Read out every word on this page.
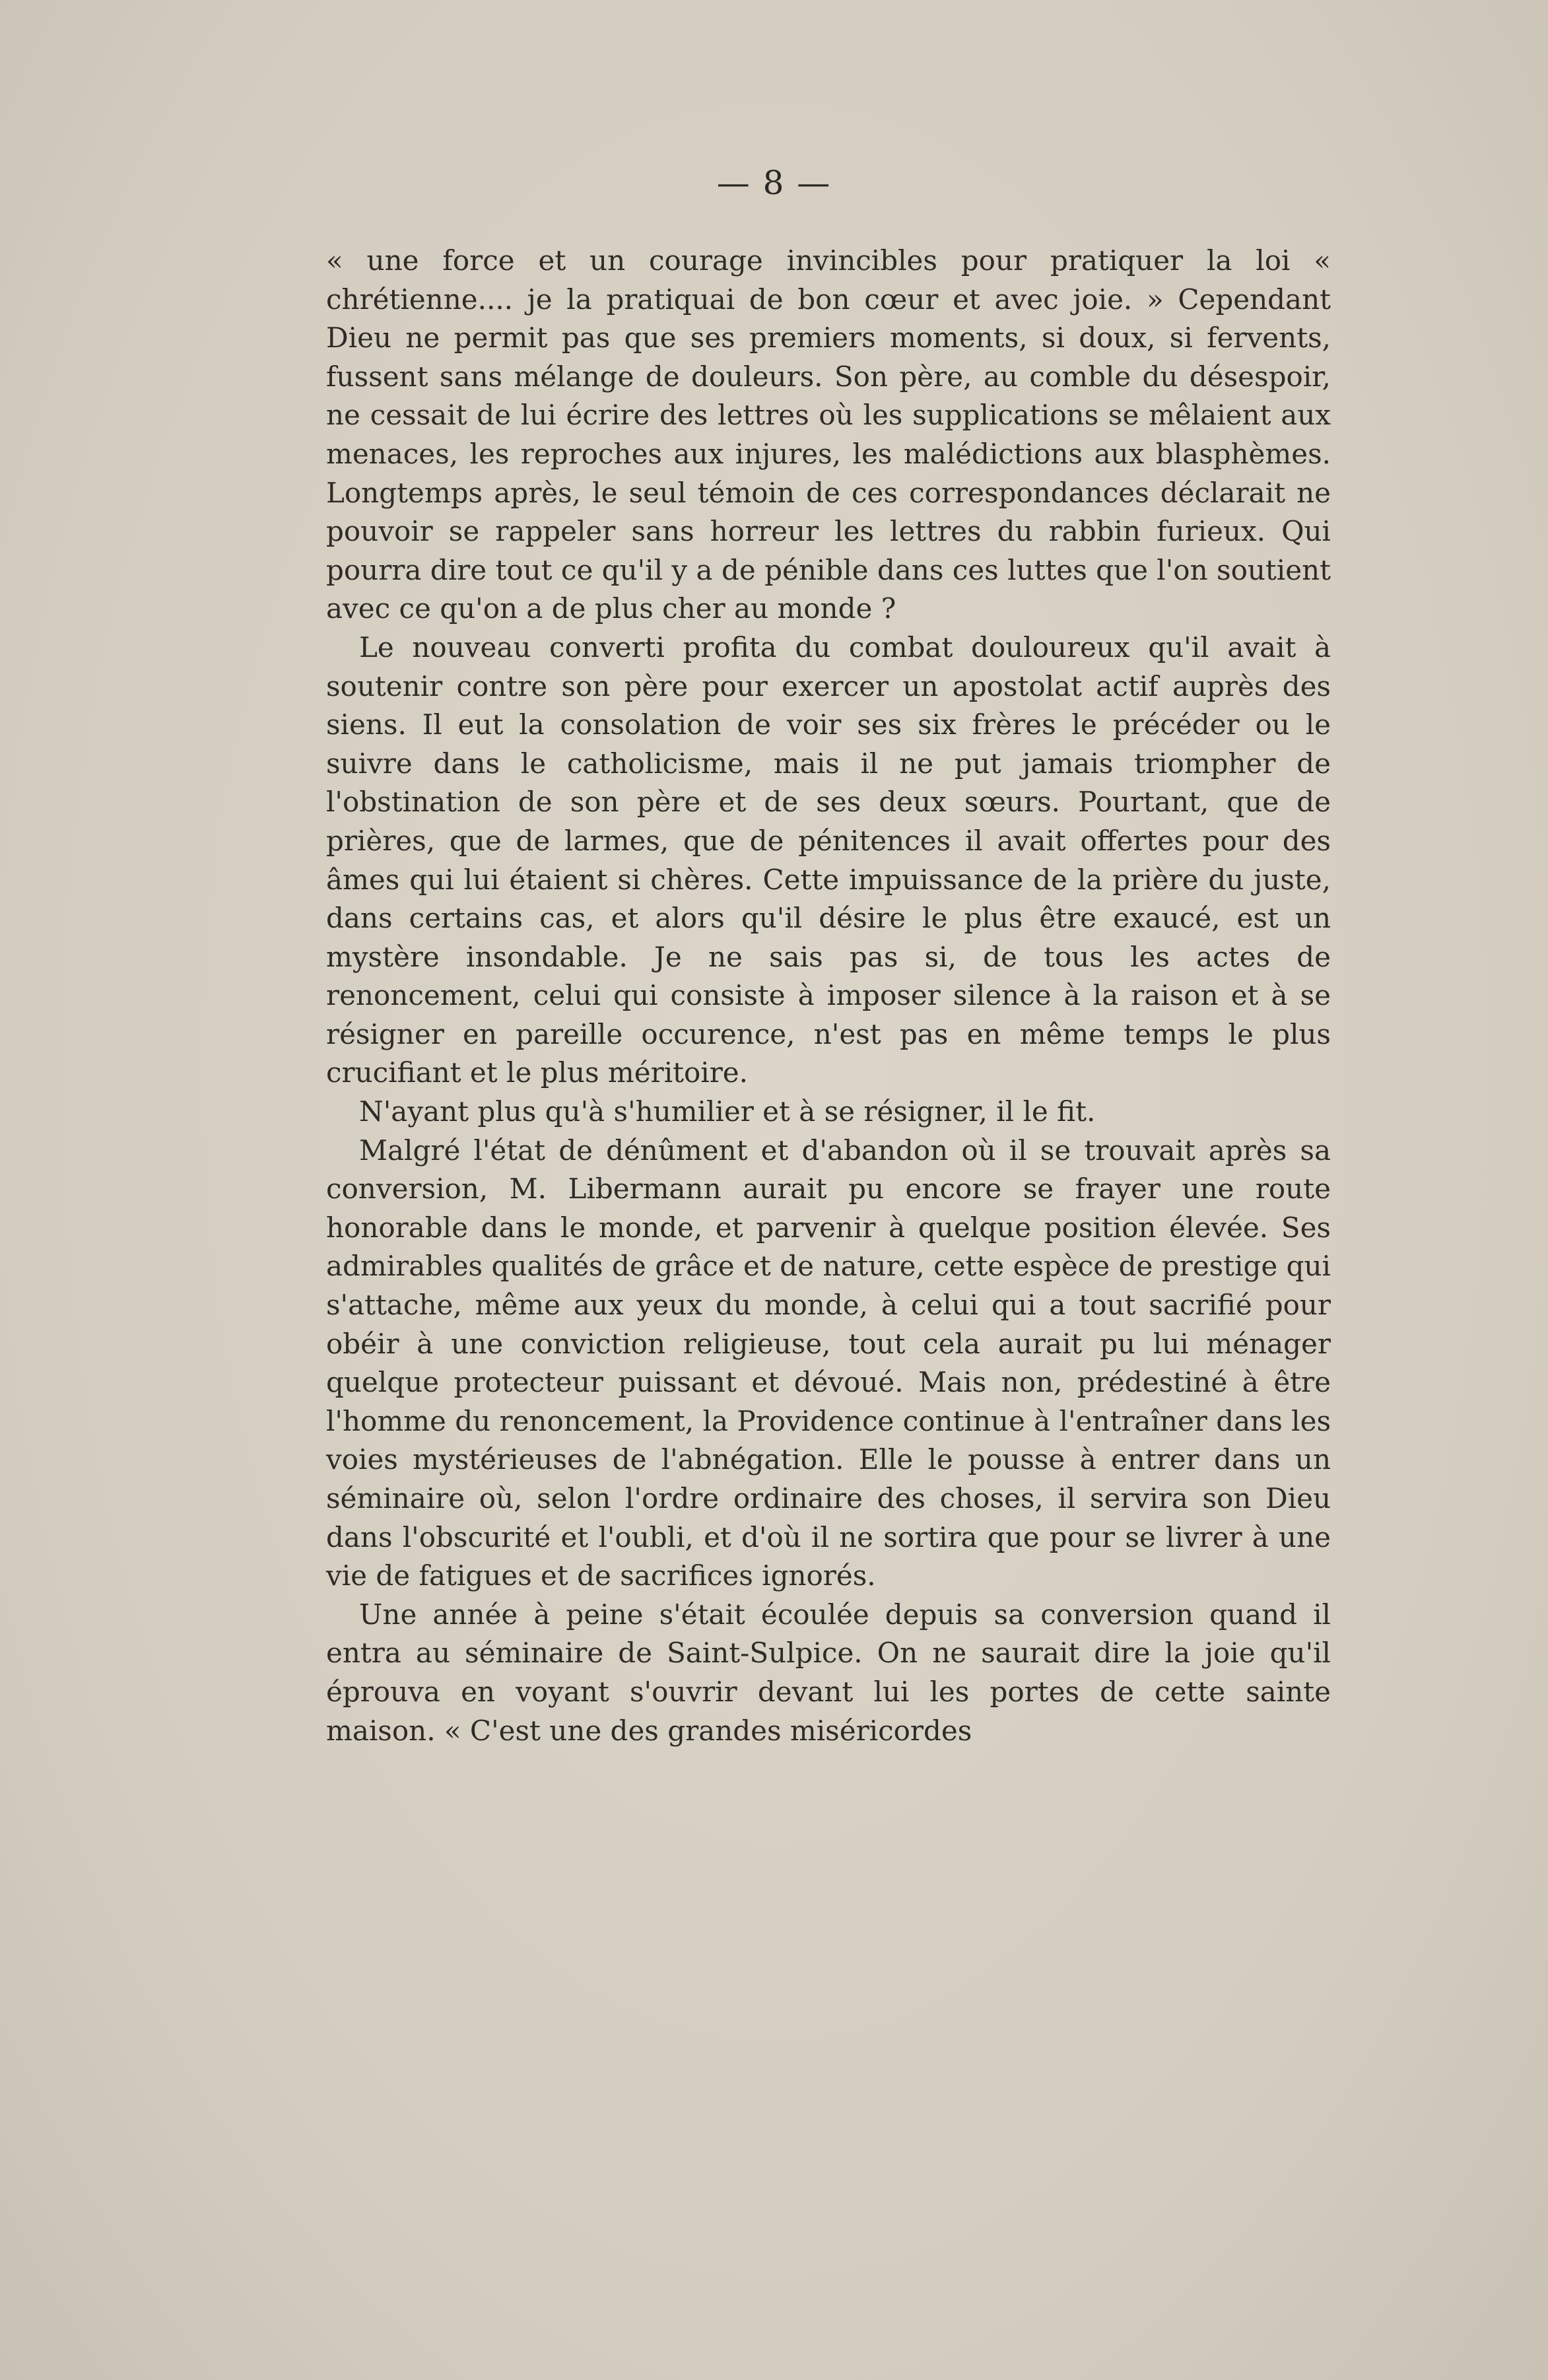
— 8 —

« une force et un courage invincibles pour pratiquer la loi « chrétienne.... je la pratiquai de bon cœur et avec joie. » Cependant Dieu ne permit pas que ses premiers moments, si doux, si fervents, fussent sans mélange de douleurs. Son père, au comble du désespoir, ne cessait de lui écrire des lettres où les supplications se mêlaient aux menaces, les reproches aux injures, les malédictions aux blasphèmes. Longtemps après, le seul témoin de ces correspondances déclarait ne pouvoir se rappeler sans horreur les lettres du rabbin furieux. Qui pourra dire tout ce qu'il y a de pénible dans ces luttes que l'on soutient avec ce qu'on a de plus cher au monde ?

Le nouveau converti profita du combat douloureux qu'il avait à soutenir contre son père pour exercer un apostolat actif auprès des siens. Il eut la consolation de voir ses six frères le précéder ou le suivre dans le catholicisme, mais il ne put jamais triompher de l'obstination de son père et de ses deux sœurs. Pourtant, que de prières, que de larmes, que de pénitences il avait offertes pour des âmes qui lui étaient si chères. Cette impuissance de la prière du juste, dans certains cas, et alors qu'il désire le plus être exaucé, est un mystère insondable. Je ne sais pas si, de tous les actes de renoncement, celui qui consiste à imposer silence à la raison et à se résigner en pareille occurence, n'est pas en même temps le plus crucifiant et le plus méritoire.

N'ayant plus qu'à s'humilier et à se résigner, il le fit.

Malgré l'état de dénûment et d'abandon où il se trouvait après sa conversion, M. Libermann aurait pu encore se frayer une route honorable dans le monde, et parvenir à quelque position élevée. Ses admirables qualités de grâce et de nature, cette espèce de prestige qui s'attache, même aux yeux du monde, à celui qui a tout sacrifié pour obéir à une conviction religieuse, tout cela aurait pu lui ménager quelque protecteur puissant et dévoué. Mais non, prédestiné à être l'homme du renoncement, la Providence continue à l'entraîner dans les voies mystérieuses de l'abnégation. Elle le pousse à entrer dans un séminaire où, selon l'ordre ordinaire des choses, il servira son Dieu dans l'obscurité et l'oubli, et d'où il ne sortira que pour se livrer à une vie de fatigues et de sacrifices ignorés.

Une année à peine s'était écoulée depuis sa conversion quand il entra au séminaire de Saint-Sulpice. On ne saurait dire la joie qu'il éprouva en voyant s'ouvrir devant lui les portes de cette sainte maison. « C'est une des grandes miséricordes
